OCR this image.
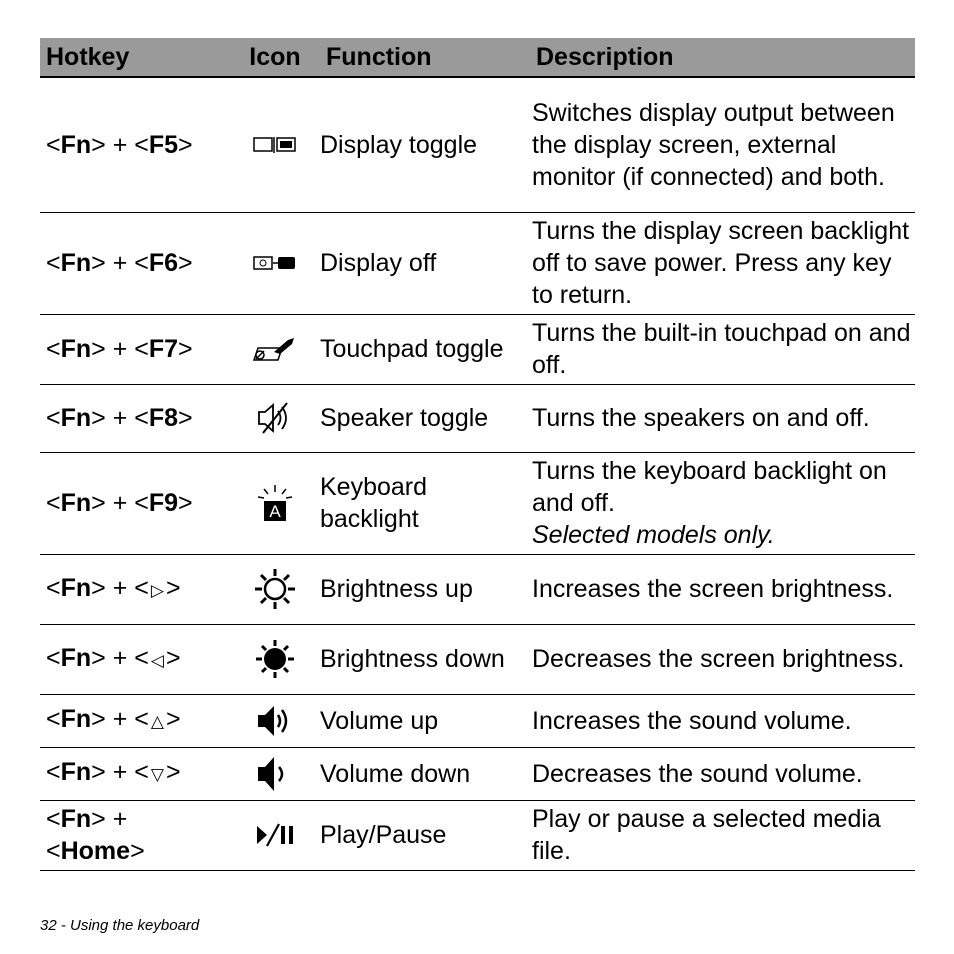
Hotkey	Icon	Function	Description
<Fn> + <F5>		Display toggle	Switches display output between the display screen, external monitor (if connected) and both.
<Fn> + <F6>		Display off	Turns the display screen backlight off to save power. Press any key to return.
<Fn> + <F7>		Touchpad toggle	Turns the built-in touchpad on and off.
<Fn> + <F8>		Speaker toggle	Turns the speakers on and off.
<Fn> + <F9>	A	Keyboard backlight	Turns the keyboard backlight on and off.
Selected models only.
<Fn> + < ▷>		Brightness up	Increases the screen brightness.
<Fn> + < ◁>		Brightness down	Decreases the screen brightness.
<Fn> + < △>		Volume up	Increases the sound volume.
<Fn> + < ▽>		Volume down	Decreases the sound volume.
<Fn> +
<Home>		Play/Pause	Play or pause a selected media file.
32 - Using the keyboard
